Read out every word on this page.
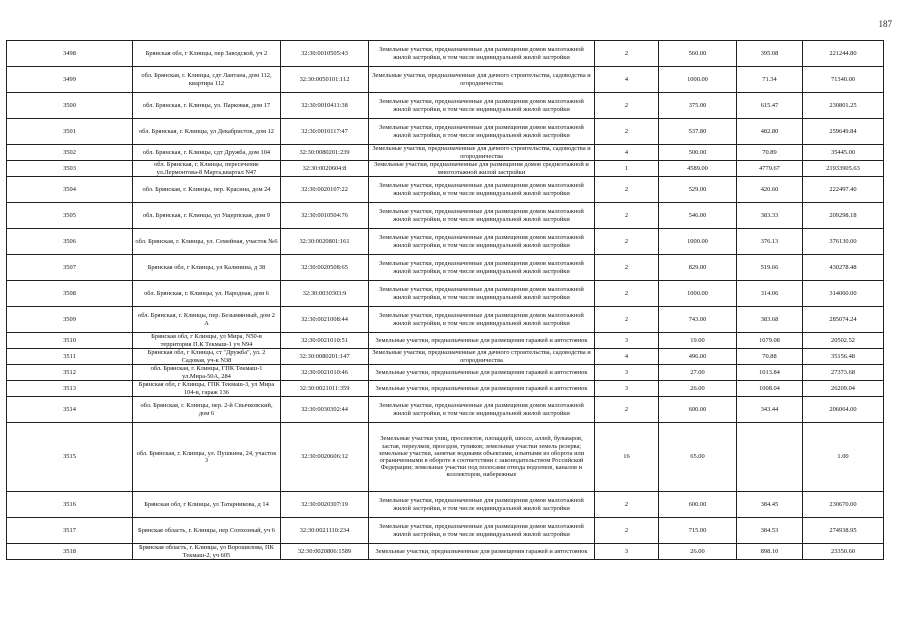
187
3498	Брянская обл, г Клинцы, пер Заводской, уч 2	32:30:0010505:43	Земельные участки, предназначенные для размещения домов малоэтажной жилой застройки, в том числе индивидуальной жилой застройки	2	560.00	395.08	221244.80
3499	обл. Брянская, г. Клинцы, сдт Лантана, дом 112, квартира 112	32:30:0050101:112	Земельные участки, предназначенные для дачного строительства, садоводства и огородничества	4	1000.00	71.34	71340.00
3500	обл. Брянская, г. Клинцы, ул. Парковая, дом 17	32:30:0010411:38	Земельные участки, предназначенные для размещения домов малоэтажной жилой застройки, в том числе индивидуальной жилой застройки	2	375.00	615.47	230801.25
3501	обл. Брянская, г. Клинцы, ул Декабристов, дом 12	32:30:0010117:47	Земельные участки, предназначенные для размещения домов малоэтажной жилой застройки, в том числе индивидуальной жилой застройки	2	537.80	482.80	259649.84
3502	обл. Брянская, г. Клинцы, сдт Дружба, дом 104	32:30:0080201:239	Земельные участки, предназначенные для дачного строительства, садоводства и огородничества	4	500.00	70.89	35445.00
3503	обл. Брянская, г. Клинцы, пересечение ул.Лермонтова-8 Марта,квартал N47	32:30:0020604:8	Земельные участки, предназначенные для размещения домов среднеэтажной и многоэтажной жилой застройки	1	4589.00	4779.67	21933905.63
3504	обл. Брянская, г. Клинцы, пер. Красина, дом 24	32:30:0020107:22	Земельные участки, предназначенные для размещения домов малоэтажной жилой застройки, в том числе индивидуальной жилой застройки	2	529.00	420.60	222497.40
3505	обл. Брянская, г. Клинцы, ул Ущерпская, дом 9	32:30:0010504:76	Земельные участки, предназначенные для размещения домов малоэтажной жилой застройки, в том числе индивидуальной жилой застройки	2	546.00	383.33	209298.18
3506	обл. Брянская, г. Клинцы, ул. Семейная, участок №6	32:30:0020801:161	Земельные участки, предназначенные для размещения домов малоэтажной жилой застройки, в том числе индивидуальной жилой застройки	2	1000.00	376.13	376130.00
3507	Брянская обл, г Клинцы, ул Калинина, д 38	32:30:0020508:65	Земельные участки, предназначенные для размещения домов малоэтажной жилой застройки, в том числе индивидуальной жилой застройки	2	829.00	519.66	430278.48
3508	обл. Брянская, г. Клинцы, ул. Народная, дом 6	32:30:0030303:9	Земельные участки, предназначенные для размещения домов малоэтажной жилой застройки, в том числе индивидуальной жилой застройки	2	1000.00	314.06	314060.00
3509	обл. Брянская, г. Клинцы, пер. Безымянный, дом 2 А	32:30:0021008:44	Земельные участки, предназначенные для размещения домов малоэтажной жилой застройки, в том числе индивидуальной жилой застройки	2	743.00	383.68	285074.24
3510	Брянская обл, г Клинцы, ул Мира, N50-в территория П.К Текмаш-1 уч N94	32:30:0021010:51	Земельные участки, предназначенные для размещения гаражей и автостоянок	3	19.00	1079.08	20502.52
3511	Брянская обл, г Клинцы, ст "Дружба", ул. 2 Садовая, уч-к N38	32:30:0080201:147	Земельные участки, предназначенные для дачного строительства, садоводства и огородничества	4	496.00	70.88	35156.48
3512	обл. Брянская, г. Клинцы, ГПК Текмаш-1 ул.Мира-50А, 284	32:30:0021010:46	Земельные участки, предназначенные для размещения гаражей и автостоянок	3	27.00	1013.84	27373.68
3513	Брянская обл, г Клинцы, ГПК Текмаш-3, ул Мира 104-в, гараж 136	32:30:0021011:359	Земельные участки, предназначенные для размещения гаражей и автостоянок	3	26.00	1008.04	26209.04
3514	обл. Брянская, г. Клинцы, пер. 2-й Свычковский, дом 6	32:30:0030302:44	Земельные участки, предназначенные для размещения домов малоэтажной жилой застройки, в том числе индивидуальной жилой застройки	2	600.00	343.44	206064.00
3515	обл. Брянская, г. Клинцы, ул. Пушкина, 24, участок 3	32:30:0020606:12	Земельные участки улиц, проспектов, площадей, шоссе, аллей, бульваров, застав, переулков, проездов, тупиков; земельные участки земель резерва; земельные участки, занятые водными объектами, изъятыми из оборота или ограниченными в обороте в соответствии с законодательством Российской Федерации; земельные участки под полосами отвода водоемов, каналов и коллекторов, набережные	16	65.00		1.00
3516	Брянская обл, г Клинцы, ул Татарникова, д 14	32:30:0020307:19	Земельные участки, предназначенные для размещения домов малоэтажной жилой застройки, в том числе индивидуальной жилой застройки	2	600.00	384.45	230670.00
3517	Брянская область, г. Клинцы, пер Сопхозный, уч 6	32:30:0021110:234	Земельные участки, предназначенные для размещения домов малоэтажной жилой застройки, в том числе индивидуальной жилой застройки	2	715.00	384.53	274938.95
3518	Брянская область, г. Клинцы, ул Ворошилова, ПК Текмаш-2, уч 605	32:30:0020806:1589	Земельные участки, предназначенные для размещения гаражей и автостоянок	3	26.00	898.10	23350.60
